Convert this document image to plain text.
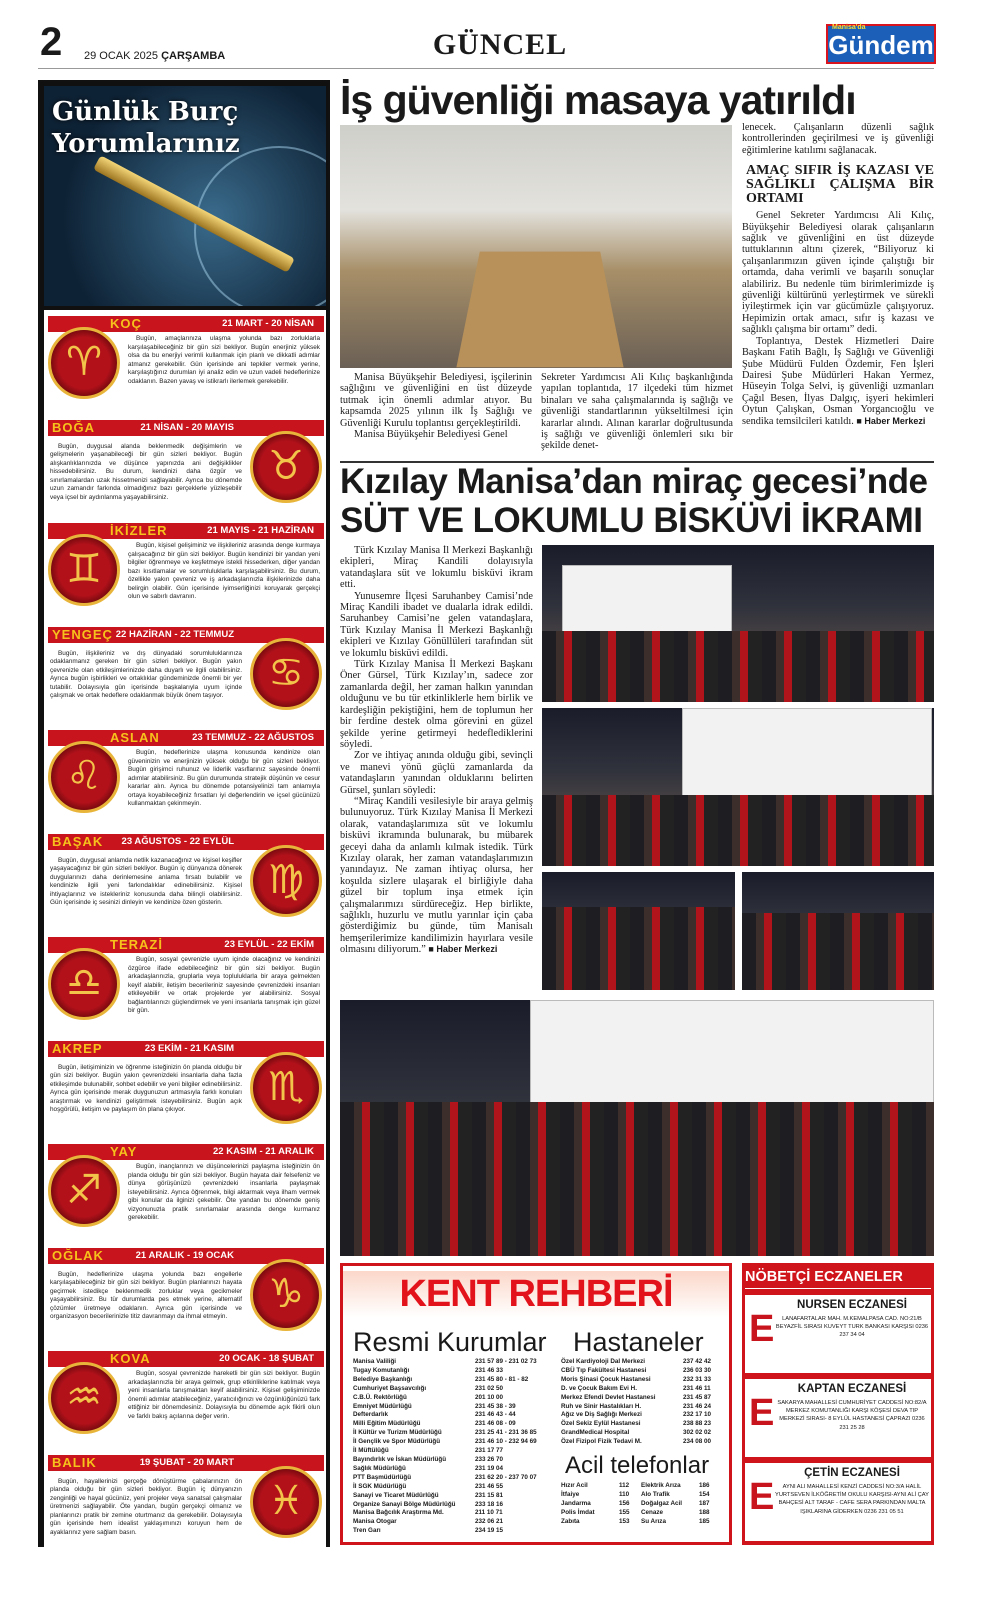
2 29 OCAK 2025 ÇARŞAMBA	GÜNCEL
Manisa'da
Gündem
Günlük Burç Yorumlarınız
KOÇ	21 MART - 20 NİSAN
♈
Bugün, amaçlarınıza ulaşma yolunda bazı zorluklarla karşılaşabileceğiniz bir gün sizi bekliyor. Bugün enerjiniz yüksek olsa da bu enerjiyi verimli kullanmak için planlı ve dikkatli adımlar atmanız gerekebilir. Gün içerisinde ani tepkiler vermek yerine, karşılaştığınız durumları iyi analiz edin ve uzun vadeli hedeflerinize odaklanın. Bazen yavaş ve istikrarlı ilerlemek gerekebilir.
BOĞA	21 NİSAN - 20 MAYIS
♉
Bugün, duygusal alanda beklenmedik değişimlerin ve gelişmelerin yaşanabileceği bir gün sizleri bekliyor. Bugün alışkanlıklarınızda ve düşünce yapınızda ani değişiklikler hissedebilirsiniz. Bu durum, kendinizi daha özgür ve sınırlamalardan uzak hissetmenizi sağlayabilir. Ayrıca bu dönemde uzun zamandır farkında olmadığınız bazı gerçeklerle yüzleşebilir veya içsel bir aydınlanma yaşayabilirsiniz.
İKİZLER	21 MAYIS - 21 HAZİRAN
♊
Bugün, kişisel gelişiminiz ve ilişkileriniz arasında denge kurmaya çalışacağınız bir gün sizi bekliyor. Bugün kendinizi bir yandan yeni bilgiler öğrenmeye ve keşfetmeye istekli hissederken, diğer yandan bazı kısıtlamalar ve sorumluluklarla karşılaşabilirsiniz. Bu durum, özellikle yakın çevreniz ve iş arkadaşlarınızla ilişkilerinizde daha belirgin olabilir. Gün içerisinde iyimserliğinizi koruyarak gerçekçi olun ve sabırlı davranın.
YENGEÇ 22 HAZİRAN - 22 TEMMUZ
♋
Bugün, ilişkileriniz ve dış dünyadaki sorumluluklarınıza odaklanmanız gereken bir gün sizleri bekliyor. Bugün yakın çevrenizle olan etkileşimlerinizde daha duyarlı ve ilgili olabilirsiniz. Ayrıca bugün işbirlikleri ve ortaklıklar gündeminizde önemli bir yer tutabilir. Dolayısıyla gün içerisinde başkalarıyla uyum içinde çalışmak ve ortak hedeflere odaklanmak büyük önem taşıyor.
ASLAN	23 TEMMUZ - 22 AĞUSTOS
♌
Bugün, hedeflerinize ulaşma konusunda kendinize olan güveninizin ve enerjinizin yüksek olduğu bir gün sizleri bekliyor. Bugün girişimci ruhunuz ve liderlik vasıflarınız sayesinde önemli adımlar atabilirsiniz. Bu gün durumunda stratejik düşünün ve cesur kararlar alın. Ayrıca bu dönemde potansiyelinizi tam anlamıyla ortaya koyabileceğiniz fırsatları iyi değerlendirin ve içsel gücünüzü kullanmaktan çekinmeyin.
BAŞAK 23 AĞUSTOS - 22 EYLÜL
♍
Bugün, duygusal anlamda netlik kazanacağınız ve kişisel keşifler yaşayacağınız bir gün sizleri bekliyor. Bugün iç dünyanıza dönerek duygularınızı daha derinlemesine anlama fırsatı bulabilir ve kendinizle ilgili yeni farkındalıklar edinebilirsiniz. Kişisel ihtiyaçlarınız ve istekleriniz konusunda daha bilinçli olabilirsiniz. Gün içerisinde iç sesinizi dinleyin ve kendinize özen gösterin.
TERAZİ	23 EYLÜL - 22 EKİM
♎
Bugün, sosyal çevrenizle uyum içinde olacağınız ve kendinizi özgürce ifade edebileceğiniz bir gün sizi bekliyor. Bugün arkadaşlarınızla, gruplarla veya topluluklarla bir araya gelmekten keyif alabilir, iletişim becerileriniz sayesinde çevrenizdeki insanları etkileyebilir ve ortak projelerde yer alabilirsiniz. Sosyal bağlantılarınızı güçlendirmek ve yeni insanlarla tanışmak için güzel bir gün.
AKREP	23 EKİM - 21 KASIM
♏
Bugün, iletişiminizin ve öğrenme isteğinizin ön planda olduğu bir gün sizi bekliyor. Bugün yakın çevrenizdeki insanlarla daha fazla etkileşimde bulunabilir, sohbet edebilir ve yeni bilgiler edinebilirsiniz. Ayrıca gün içerisinde merak duygunuzun artmasıyla farklı konuları araştırmak ve kendinizi geliştirmek isteyebilirsiniz. Bugün açık hoşgörülü, iletişim ve paylaşım ön plana çıkıyor.
YAY	22 KASIM - 21 ARALIK
♐
Bugün, inançlarınızı ve düşüncelerinizi paylaşma isteğinizin ön planda olduğu bir gün sizi bekliyor. Bugün hayata dair felsefeniz ve dünya görüşünüzü çevrenizdeki insanlarla paylaşmak isteyebilirsiniz. Ayrıca öğrenmek, bilgi aktarmak veya ilham vermek gibi konular da ilginizi çekebilir. Öte yandan bu dönemde geniş vizyonunuzla pratik sınırlamalar arasında denge kurmanız gerekebilir.
OĞLAK	21 ARALIK - 19 OCAK
♑
Bugün, hedeflerinize ulaşma yolunda bazı engellerle karşılaşabileceğiniz bir gün sizi bekliyor. Bugün planlarınızı hayata geçirmek istedikçe beklenmedik zorluklar veya gecikmeler yaşayabilirsiniz. Bu tür durumlarda pes etmek yerine, alternatif çözümler üretmeye odaklanın. Ayrıca gün içerisinde ve organizasyon becerilerinizle titiz davranmayı da ihmal etmeyin.
KOVA	20 OCAK - 18 ŞUBAT
♒
Bugün, sosyal çevrenizde hareketli bir gün sizi bekliyor. Bugün arkadaşlarınızla bir araya gelmek, grup etkinliklerine katılmak veya yeni insanlarla tanışmaktan keyif alabilirsiniz. Kişisel gelişiminizde önemli adımlar atabileceğiniz, yaratıcılığınızı ve özgünlüğünüzü fark ettiğiniz bir dönemdesiniz. Dolayısıyla bu dönemde açık fikirli olun ve farklı bakış açılarına değer verin.
BALIK	19 ŞUBAT - 20 MART
♓
Bugün, hayallerinizi gerçeğe dönüştürme çabalarınızın ön planda olduğu bir gün sizleri bekliyor. Bugün iç dünyanızın zenginliği ve hayal gücünüz, yeni projeler veya sanatsal çalışmalar üretmenizi sağlayabilir. Öte yandan, bugün gerçekçi olmanız ve planlarınızı pratik bir zemine oturtmanız da gerekebilir. Dolayısıyla gün içerisinde hem idealist yaklaşımınızı koruyun hem de ayaklarınız yere sağlam basın.
İş güvenliği masaya yatırıldı

Manisa Büyükşehir Belediyesi, işçilerinin sağlığını ve güvenliğini en üst düzeyde tutmak için önemli adımlar atıyor. Bu kapsamda 2025 yılının ilk İş Sağlığı ve Güvenliği Kurulu toplantısı gerçekleştirildi.

Manisa Büyükşehir Belediyesi Genel

Sekreter Yardımcısı Ali Kılıç başkanlığında yapılan toplantıda, 17 ilçedeki tüm hizmet binaları ve saha çalışmalarında iş sağlığı ve güvenliği standartlarının yükseltilmesi için kararlar alındı. Alınan kararlar doğrultusunda iş sağlığı ve güvenliği önlemleri sıkı bir şekilde denet-

lenecek. Çalışanların düzenli sağlık kontrollerinden geçirilmesi ve iş güvenliği eğitimlerine katılımı sağlanacak.

AMAÇ SIFIR İŞ KAZASI VE SAĞLIKLI ÇALIŞMA BİR ORTAMI

Genel Sekreter Yardımcısı Ali Kılıç, Büyükşehir Belediyesi olarak çalışanların sağlık ve güvenliğini en üst düzeyde tuttuklarının altını çizerek, “Biliyoruz ki çalışanlarımızın güven içinde çalıştığı bir ortamda, daha verimli ve başarılı sonuçlar alabiliriz. Bu nedenle tüm birimlerimizde iş güvenliği kültürünü yerleştirmek ve sürekli iyileştirmek için var gücümüzle çalışıyoruz. Hepimizin ortak amacı, sıfır iş kazası ve sağlıklı çalışma bir ortamı” dedi.

Toplantıya, Destek Hizmetleri Daire Başkanı Fatih Bağlı, İş Sağlığı ve Güvenliği Şube Müdürü Fulden Özdemir, Fen İşleri Dairesi Şube Müdürleri Hakan Yermez, Hüseyin Tolga Selvi, iş güvenliği uzmanları Çağıl Besen, İlyas Dalgıç, işyeri hekimleri Oytun Çalışkan, Osman Yorgancıoğlu ve sendika temsilcileri katıldı. ■ Haber Merkezi

Kızılay Manisa’dan miraç gecesi’nde
SÜT VE LOKUMLU BİSKÜVİ İKRAMI

Türk Kızılay Manisa İl Merkezi Başkanlığı ekipleri, Miraç Kandili dolayısıyla vatandaşlara süt ve lokumlu bisküvi ikram etti.

Yunusemre İlçesi Saruhanbey Camisi’nde Miraç Kandili ibadet ve dualarla idrak edildi. Saruhanbey Camisi’ne gelen vatandaşlara, Türk Kızılay Manisa İl Merkezi Başkanlığı ekipleri ve Kızılay Gönüllüleri tarafından süt ve lokumlu bisküvi edildi.

Türk Kızılay Manisa İl Merkezi Başkanı Öner Gürsel, Türk Kızılay’ın, sadece zor zamanlarda değil, her zaman halkın yanından olduğunu ve bu tür etkinliklerle hem birlik ve kardeşliğin pekiştiğini, hem de toplumun her bir ferdine destek olma görevini en güzel şekilde yerine getirmeyi hedeflediklerini söyledi.

Zor ve ihtiyaç anında olduğu gibi, sevinçli ve manevi yönü güçlü zamanlarda da vatandaşların yanından olduklarını belirten Gürsel, şunları söyledi:

“Miraç Kandili vesilesiyle bir araya gelmiş bulunuyoruz. Türk Kızılay Manisa İl Merkezi olarak, vatandaşlarımıza süt ve lokumlu bisküvi ikramında bulunarak, bu mübarek geceyi daha da anlamlı kılmak istedik. Türk Kızılay olarak, her zaman vatandaşlarımızın yanındayız. Ne zaman ihtiyaç olursa, her koşulda sizlere ulaşarak el birliğiyle daha güzel bir toplum inşa etmek için çalışmalarımızı sürdüreceğiz. Hep birlikte, sağlıklı, huzurlu ve mutlu yarınlar için çaba gösterdiğimiz bu günde, tüm Manisalı hemşerilerimize kandilimizin hayırlara vesile olmasını diliyorum.” ■ Haber Merkezi

KENT REHBERİ
Resmi Kurumlar Hastaneler
Acil telefonlar
Manisa Valiliği	231 57 89 - 231 02 73
Tugay Komutanlığı	231 46 33
Belediye Başkanlığı	231 45 80 - 81 - 82
Cumhuriyet Başsavcılığı	231 02 50
C.B.Ü. Rektörlüğü	201 10 00
Emniyet Müdürlüğü	231 45 38 - 39
Defterdarlık	231 46 43 - 44
Milli Eğitim Müdürlüğü	231 46 08 - 09
İl Kültür ve Turizm Müdürlüğü	231 25 41 - 231 36 85
İl Gençlik ve Spor Müdürlüğü	231 46 10 - 232 94 69
İl Müftülüğü	231 17 77
Bayındırlık ve İskan Müdürlüğü	233 26 70
Sağlık Müdürlüğü	231 19 04
PTT Başmüdürlüğü	231 62 20 - 237 70 07
İl SGK Müdürlüğü	231 46 55
Sanayi ve Ticaret Müdürlüğü	231 15 81
Organize Sanayi Bölge Müdürlüğü	233 18 16
Manisa Bağcılık Araştırma Md.	211 10 71
Manisa Otogar	232 06 21
Tren Garı	234 19 15
Özel Kardiyoloji Dal Merkezi	237 42 42
CBÜ Tıp Fakültesi Hastanesi	236 03 30
Moris Şinasi Çocuk Hastanesi	232 31 33
D. ve Çocuk Bakım Evi H.	231 46 11
Merkez Efendi Devlet Hastanesi	231 45 87
Ruh ve Sinir Hastalıkları H.	231 46 24
Ağız ve Diş Sağlığı Merkezi	232 17 10
Özel Sekiz Eylül Hastanesi	238 88 23
GrandMedical Hospital	302 02 02
Özel Fizipol Fizik Tedavi M.	234 08 00
Hızır Acil	112	Elektrik Arıza	186
İtfaiye	110	Alo Trafik	154
Jandarma	156	Doğalgaz Acil	187
Polis İmdat	155	Cenaze	188
Zabıta	153	Su Arıza	185
NÖBETÇİ ECZANELER
E
NURSEN ECZANESİ
LANAFARTALAR MAH. M.KEMALPASA CAD. NO:21/B BEYAZFİL SIRASI KUVEYT TURK BANKASI KARŞISI 0236 237 34 04
E
KAPTAN ECZANESİ
SAKARYA MAHALLESİ CUMHURİYET CADDESİ NO:82/A MERKEZ KOMUTANLIĞI KARŞI KÖŞESİ DEVA TIP MERKEZİ SIRASI- 8 EYLÜL HASTANESİ ÇAPRAZI 0236 231 25 28
E
ÇETİN ECZANESİ
AYNI ALI MAHALLESİ KENZİ CADDESİ NO:3/A HALİL YURTSEVEN İLKÖĞRETİM OKULU KARŞISI-AYNI ALİ ÇAY BAHÇESİ ALT TARAF - CAFE SERA PARKINDAN MALTA IŞIKLARINA GİDERKEN 0236 231 05 51
